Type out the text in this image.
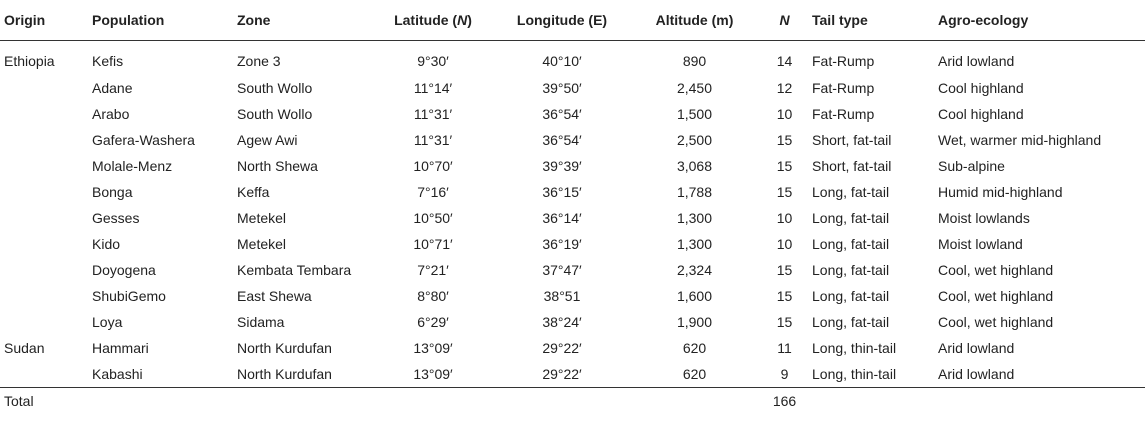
Origin	Population	Zone	Latitude (N)	Longitude (E)	Altitude (m)	N	Tail type	Agro-ecology
Ethiopia	Kefis	Zone 3	9°30′	40°10′	890	14	Fat-Rump	Arid lowland
	Adane	South Wollo	11°14′	39°50′	2,450	12	Fat-Rump	Cool highland
	Arabo	South Wollo	11°31′	36°54′	1,500	10	Fat-Rump	Cool highland
	Gafera-Washera	Agew Awi	11°31′	36°54′	2,500	15	Short, fat-tail	Wet, warmer mid-highland
	Molale-Menz	North Shewa	10°70′	39°39′	3,068	15	Short, fat-tail	Sub-alpine
	Bonga	Keffa	7°16′	36°15′	1,788	15	Long, fat-tail	Humid mid-highland
	Gesses	Metekel	10°50′	36°14′	1,300	10	Long, fat-tail	Moist lowlands
	Kido	Metekel	10°71′	36°19′	1,300	10	Long, fat-tail	Moist lowland
	Doyogena	Kembata Tembara	7°21′	37°47′	2,324	15	Long, fat-tail	Cool, wet highland
	ShubiGemo	East Shewa	8°80′	38°51	1,600	15	Long, fat-tail	Cool, wet highland
	Loya	Sidama	6°29′	38°24′	1,900	15	Long, fat-tail	Cool, wet highland
Sudan	Hammari	North Kurdufan	13°09′	29°22′	620	11	Long, thin-tail	Arid lowland
	Kabashi	North Kurdufan	13°09′	29°22′	620	9	Long, thin-tail	Arid lowland
Total						166		
